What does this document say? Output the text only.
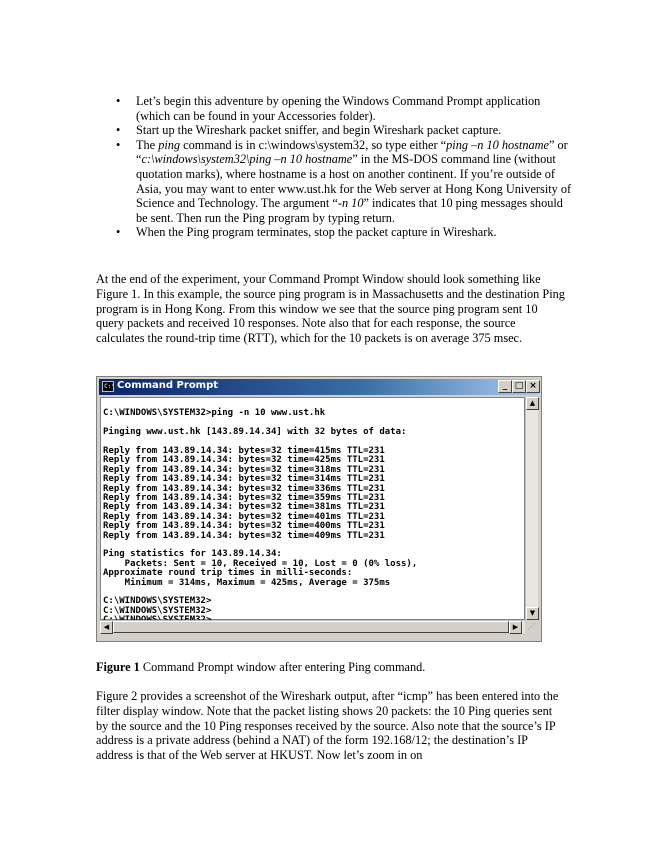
• Let’s begin this adventure by opening the Windows Command Prompt application (which can be found in your Accessories folder).
• Start up the Wireshark packet sniffer, and begin Wireshark packet capture.
• The ping command is in c:\windows\system32, so type either “ping –n 10 hostname” or “c:\windows\system32\ping –n 10 hostname” in the MS-DOS command line (without quotation marks), where hostname is a host on another continent. If you’re outside of Asia, you may want to enter www.ust.hk for the Web server at Hong Kong University of Science and Technology. The argument “-n 10” indicates that 10 ping messages should be sent. Then run the Ping program by typing return.
• When the Ping program terminates, stop the packet capture in Wireshark.

At the end of the experiment, your Command Prompt Window should look something like Figure 1. In this example, the source ping program is in Massachusetts and the destination Ping program is in Hong Kong. From this window we see that the source ping program sent 10 query packets and received 10 responses. Note also that for each response, the source calculates the round-trip time (RTT), which for the 10 packets is on average 375 msec.

C:\ Command Prompt	_ □ ×
C:\WINDOWS\SYSTEM32>ping -n 10 www.ust.hk
Pinging www.ust.hk [143.89.14.34] with 32 bytes of data:
Reply from 143.89.14.34: bytes=32 time=415ms TTL=231
Reply from 143.89.14.34: bytes=32 time=425ms TTL=231
Reply from 143.89.14.34: bytes=32 time=318ms TTL=231
Reply from 143.89.14.34: bytes=32 time=314ms TTL=231
Reply from 143.89.14.34: bytes=32 time=336ms TTL=231
Reply from 143.89.14.34: bytes=32 time=359ms TTL=231
Reply from 143.89.14.34: bytes=32 time=381ms TTL=231
Reply from 143.89.14.34: bytes=32 time=401ms TTL=231
Reply from 143.89.14.34: bytes=32 time=400ms TTL=231
Reply from 143.89.14.34: bytes=32 time=409ms TTL=231
Ping statistics for 143.89.14.34:
Packets: Sent = 10, Received = 10, Lost = 0 (0% loss),
Approximate round trip times in milli-seconds:
Minimum = 314ms, Maximum = 425ms, Average = 375ms
C:\WINDOWS\SYSTEM32>
C:\WINDOWS\SYSTEM32>
▲
▼
◀	▶	⋰

Figure 1 Command Prompt window after entering Ping command.

Figure 2 provides a screenshot of the Wireshark output, after “icmp” has been entered into the filter display window. Note that the packet listing shows 20 packets: the 10 Ping queries sent by the source and the 10 Ping responses received by the source. Also note that the source’s IP address is a private address (behind a NAT) of the form 192.168/12; the destination’s IP address is that of the Web server at HKUST. Now let’s zoom in on
